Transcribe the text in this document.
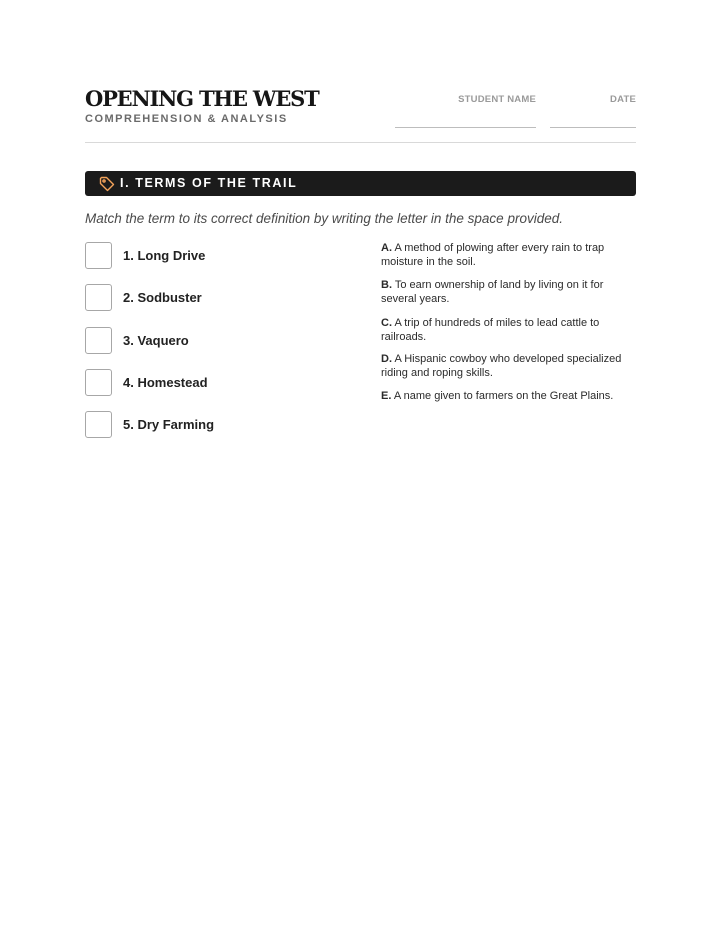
OPENING THE WEST
COMPREHENSION & ANALYSIS
STUDENT NAME	DATE
I. TERMS OF THE TRAIL
Match the term to its correct definition by writing the letter in the space provided.
1. Long Drive
2. Sodbuster
3. Vaquero
4. Homestead
5. Dry Farming
A. A method of plowing after every rain to trap moisture in the soil.
B. To earn ownership of land by living on it for several years.
C. A trip of hundreds of miles to lead cattle to railroads.
D. A Hispanic cowboy who developed specialized riding and roping skills.
E. A name given to farmers on the Great Plains.
